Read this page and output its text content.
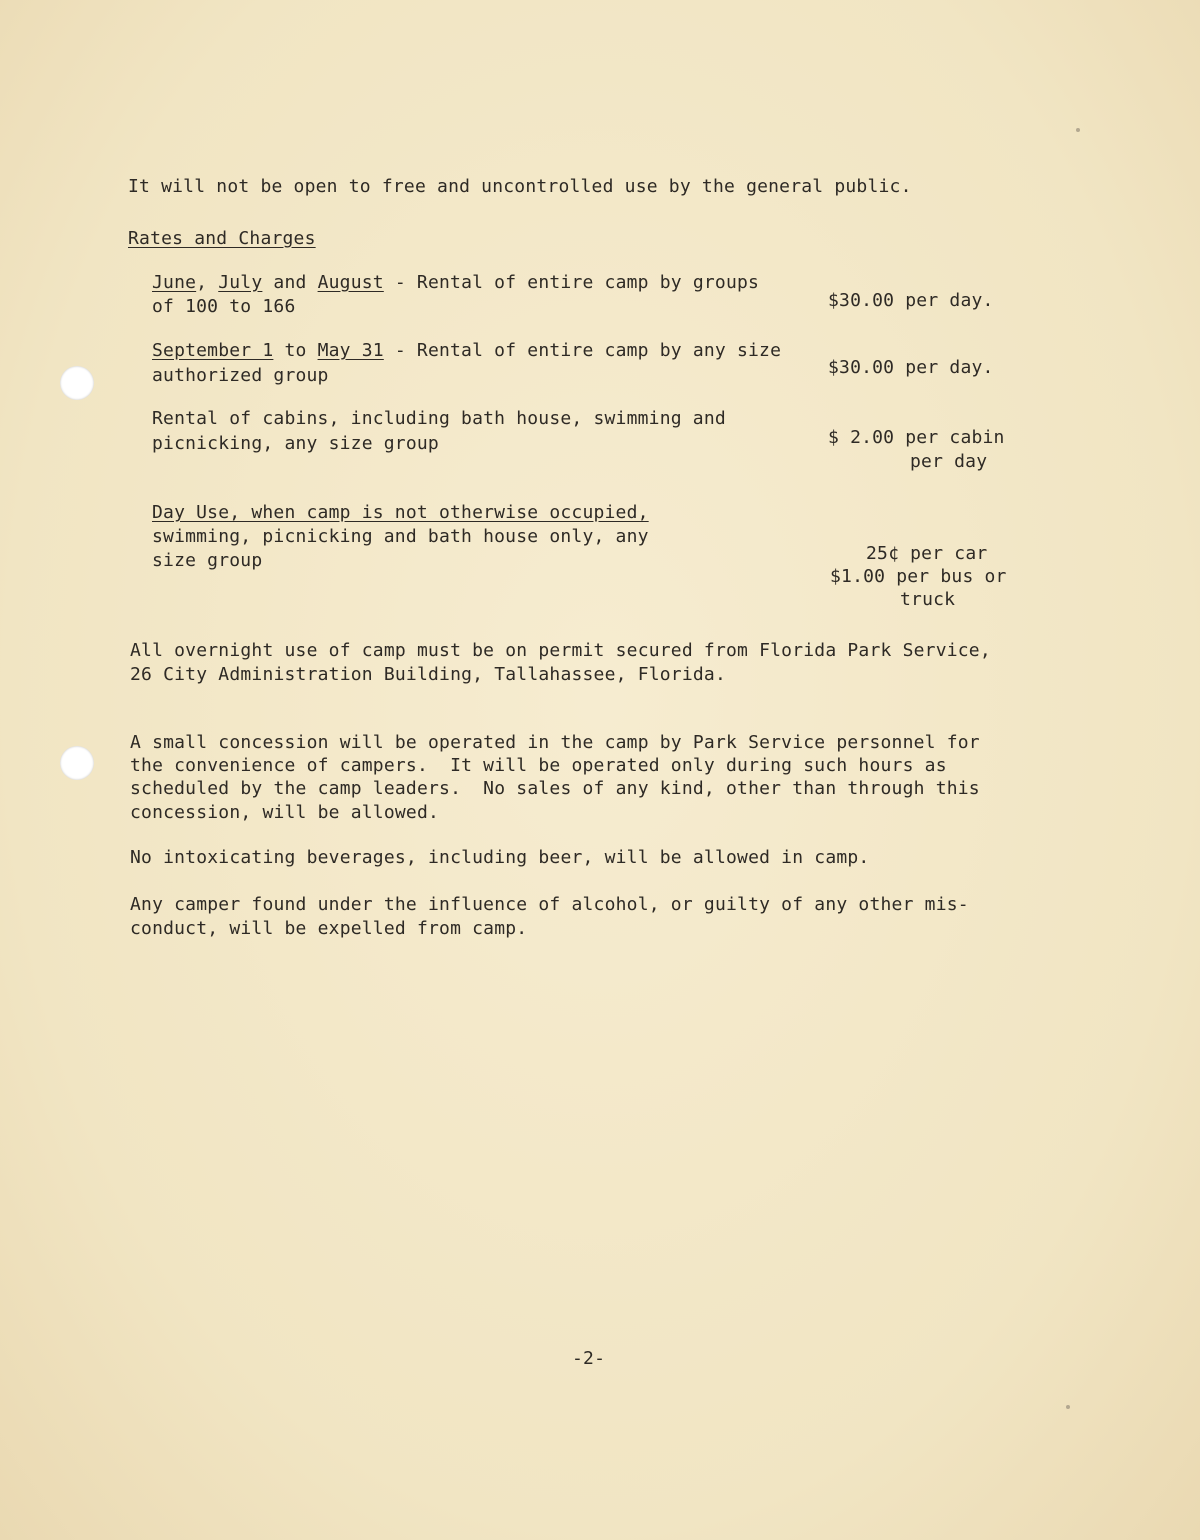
It will not be open to free and uncontrolled use by the general public.
Rates and Charges
June, July and August - Rental of entire camp by groups
of 100 to 166	$30.00 per day.
September 1 to May 31 - Rental of entire camp by any size
authorized group	$30.00 per day.
Rental of cabins, including bath house, swimming and
picnicking, any size group	$ 2.00 per cabin
per day
Day Use, when camp is not otherwise occupied,
swimming, picnicking and bath house only, any
size group	25¢ per car
$1.00 per bus or
truck
All overnight use of camp must be on permit secured from Florida Park Service,
26 City Administration Building, Tallahassee, Florida.
A small concession will be operated in the camp by Park Service personnel for
the convenience of campers.  It will be operated only during such hours as
scheduled by the camp leaders.  No sales of any kind, other than through this
concession, will be allowed.
No intoxicating beverages, including beer, will be allowed in camp.
Any camper found under the influence of alcohol, or guilty of any other mis-
conduct, will be expelled from camp.
-2-
